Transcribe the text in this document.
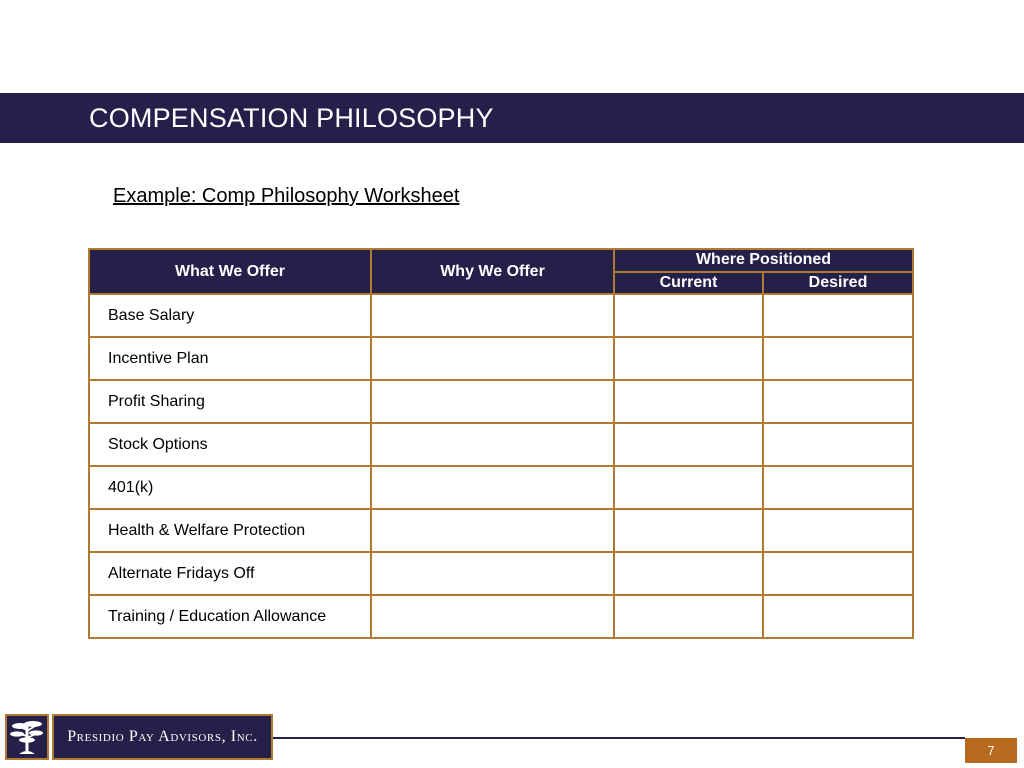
COMPENSATION PHILOSOPHY
Example: Comp Philosophy Worksheet
What We Offer	Why We Offer	Where Positioned	
		Current	Desired
Base Salary			
Incentive Plan			
Profit Sharing			
Stock Options			
401(k)			
Health & Welfare Protection			
Alternate Fridays Off			
Training / Education Allowance			
Presidio Pay Advisors, Inc.
7
